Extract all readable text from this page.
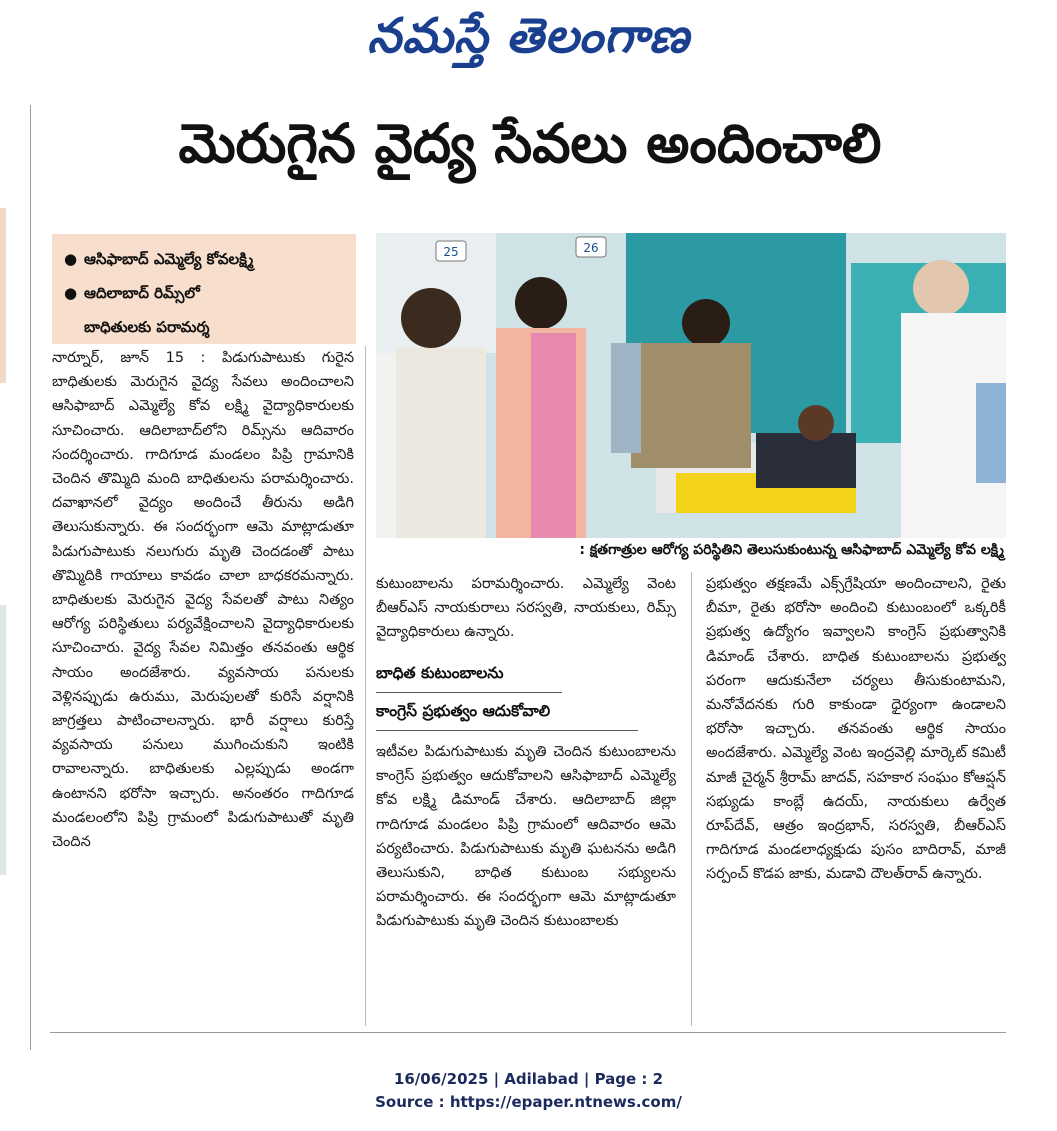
నమస్తే తెలంగాణ
మెరుగైన వైద్య సేవలు అందించాలి
● ఆసిఫాబాద్ ఎమ్మెల్యే కోవలక్ష్మి
● ఆదిలాబాద్ రిమ్స్‌లో
బాధితులకు పరామర్శ
25	26
: క్షతగాత్రుల ఆరోగ్య పరిస్థితిని తెలుసుకుంటున్న ఆసిఫాబాద్ ఎమ్మెల్యే కోవ లక్ష్మి

నార్నూర్, జూన్ 15 : పిడుగుపాటుకు గురైన బాధితులకు మెరుగైన వైద్య సేవలు అందించాలని ఆసిఫాబాద్ ఎమ్మెల్యే కోవ లక్ష్మి వైద్యాధికారులకు సూచించారు. ఆదిలాబాద్‌లోని రిమ్స్‌ను ఆదివారం సందర్శించారు. గాదిగూడ మండలం పిప్రి గ్రామానికి చెందిన తొమ్మిది మంది బాధితులను పరామర్శించారు. దవాఖానలో వైద్యం అందించే తీరును అడిగి తెలుసుకున్నారు. ఈ సందర్భంగా ఆమె మాట్లాడుతూ పిడుగుపాటుకు నలుగురు మృతి చెందడంతో పాటు తొమ్మిదికి గాయాలు కావడం చాలా బాధకరమన్నారు. బాధితులకు మెరుగైన వైద్య సేవలతో పాటు నిత్యం ఆరోగ్య పరిస్థితులు పర్యవేక్షించాలని వైద్యాధికారులకు సూచించారు. వైద్య సేవల నిమిత్తం తనవంతు ఆర్థిక సాయం అందజేశారు. వ్యవసాయ పనులకు వెళ్లినప్పుడు ఉరుము, మెరుపులతో కురిసే వర్షానికి జాగ్రత్తలు పాటించాలన్నారు. భారీ వర్షాలు కురిస్తే వ్యవసాయ పనులు ముగించుకుని ఇంటికి రావాలన్నారు. బాధితులకు ఎల్లప్పుడు అండగా ఉంటానని భరోసా ఇచ్చారు. అనంతరం గాదిగూడ మండలంలోని పిప్రి గ్రామంలో పిడుగుపాటుతో మృతి చెందిన

కుటుంబాలను పరామర్శించారు. ఎమ్మెల్యే వెంట బీఆర్ఎస్ నాయకురాలు సరస్వతి, నాయకులు, రిమ్స్ వైద్యాధికారులు ఉన్నారు.

బాధిత కుటుంబాలను
కాంగ్రెస్ ప్రభుత్వం ఆదుకోవాలి

ఇటీవల పిడుగుపాటుకు మృతి చెందిన కుటుంబాలను కాంగ్రెస్ ప్రభుత్వం ఆదుకోవాలని ఆసిఫాబాద్ ఎమ్మెల్యే కోవ లక్ష్మి డిమాండ్ చేశారు. ఆదిలాబాద్ జిల్లా గాదిగూడ మండలం పిప్రి గ్రామంలో ఆదివారం ఆమె పర్యటించారు. పిడుగుపాటుకు మృతి ఘటనను అడిగి తెలుసుకుని, బాధిత కుటుంబ సభ్యులను పరామర్శించారు. ఈ సందర్భంగా ఆమె మాట్లాడుతూ పిడుగుపాటుకు మృతి చెందిన కుటుంబాలకు

ప్రభుత్వం తక్షణమే ఎక్స్‌గ్రేషియా అందించాలని, రైతు బీమా, రైతు భరోసా అందించి కుటుంబంలో ఒక్కరికీ ప్రభుత్వ ఉద్యోగం ఇవ్వాలని కాంగ్రెస్ ప్రభుత్వానికి డిమాండ్ చేశారు. బాధిత కుటుంబాలను ప్రభుత్వ పరంగా ఆదుకునేలా చర్యలు తీసుకుంటామని, మనోవేదనకు గురి కాకుండా ధైర్యంగా ఉండాలని భరోసా ఇచ్చారు. తనవంతు ఆర్థిక సాయం అందజేశారు. ఎమ్మెల్యే వెంట ఇంద్రవెల్లి మార్కెట్ కమిటీ మాజీ చైర్మన్ శ్రీరామ్ జాదవ్, సహకార సంఘం కోఆప్షన్ సభ్యుడు కాంబ్లే ఉదయ్, నాయకులు ఉర్వేత రూప్‌దేవ్, ఆత్రం ఇంద్రభాన్, సరస్వతి, బీఆర్ఎస్ గాదిగూడ మండలాధ్యక్షుడు పుసం బాదిరావ్, మాజీ సర్పంచ్ కొడప జాకు, మడావి దౌలత్‌రావ్ ఉన్నారు.

16/06/2025 | Adilabad | Page : 2
Source : https://epaper.ntnews.com/
